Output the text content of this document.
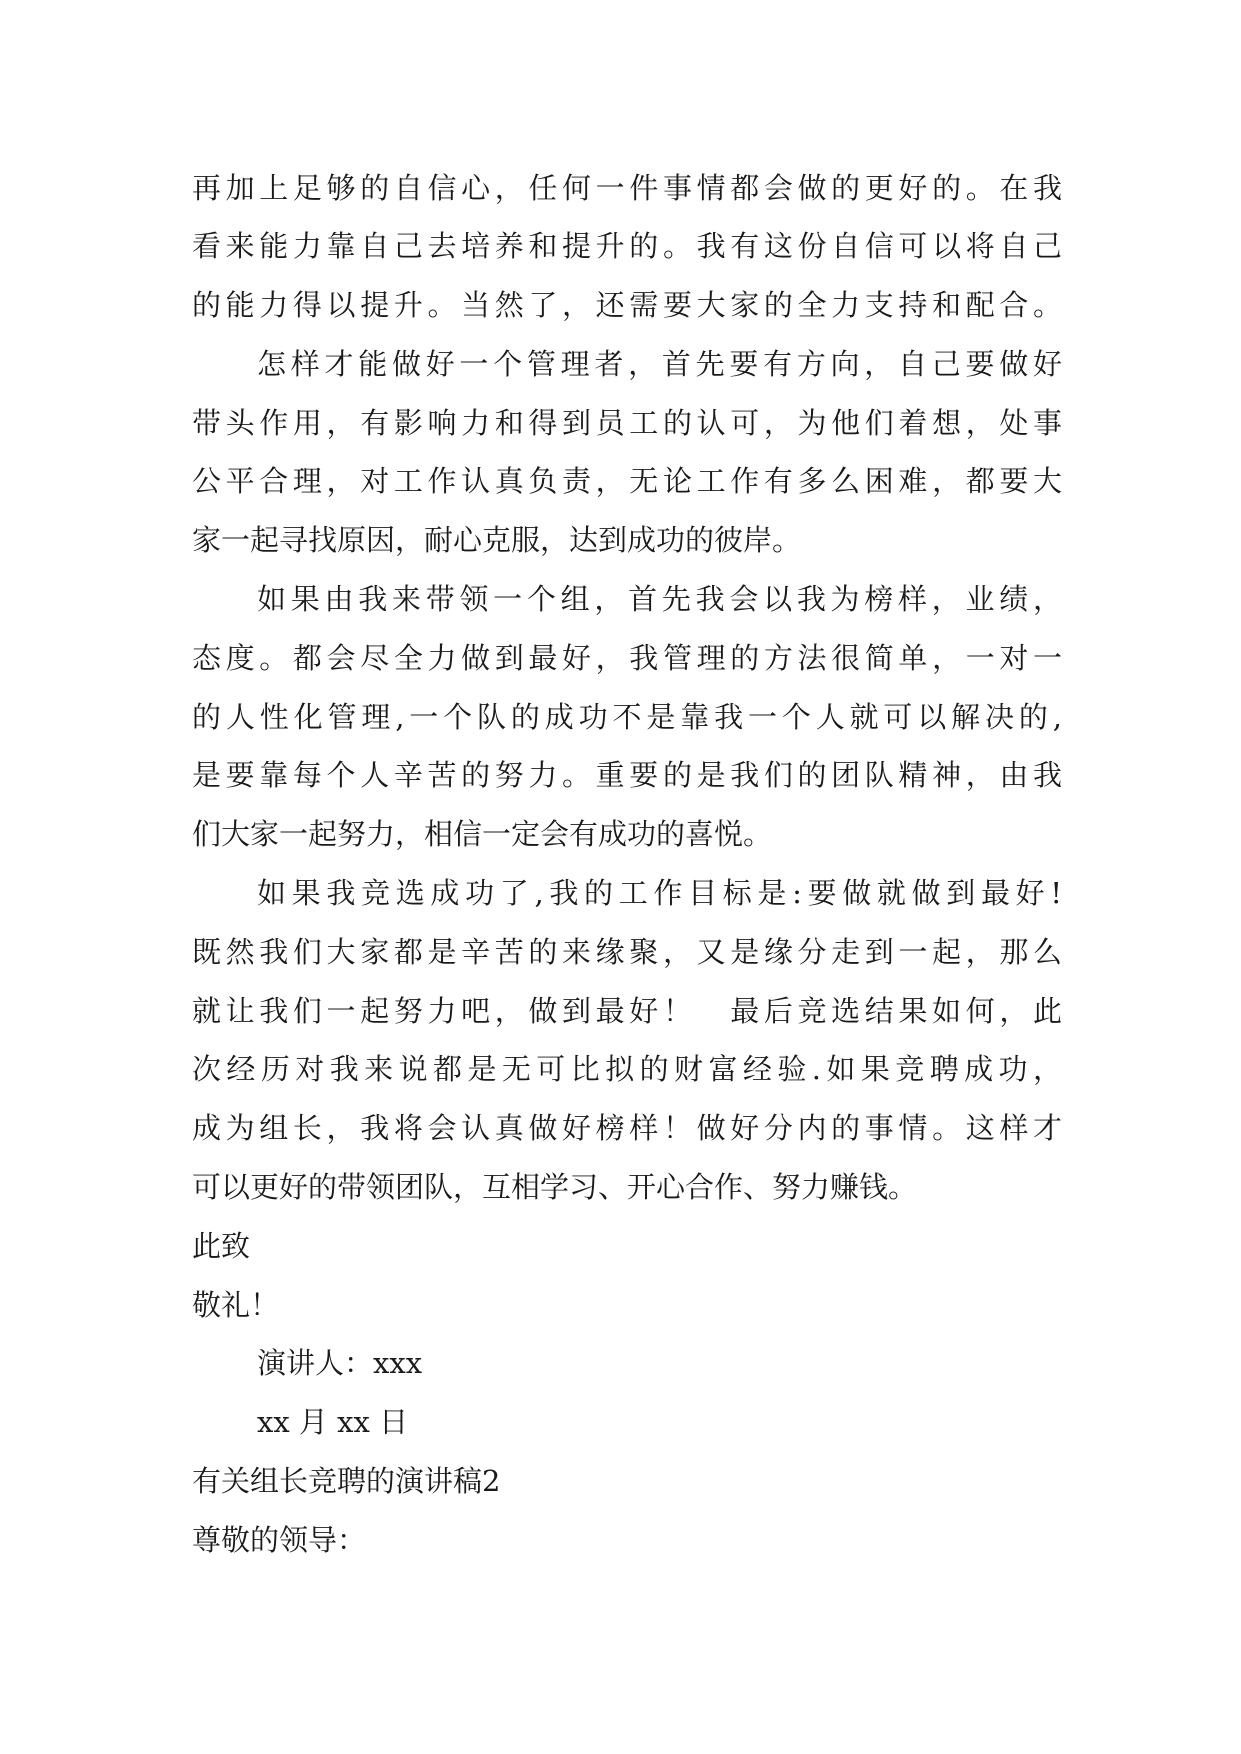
再加上足够的自信心，任何一件事情都会做的更好的。在我
看来能力靠自己去培养和提升的。我有这份自信可以将自己
的能力得以提升。当然了，还需要大家的全力支持和配合。
怎样才能做好一个管理者，首先要有方向，自己要做好
带头作用，有影响力和得到员工的认可，为他们着想，处事
公平合理，对工作认真负责，无论工作有多么困难，都要大
家一起寻找原因，耐心克服，达到成功的彼岸。
如果由我来带领一个组，首先我会以我为榜样，业绩，
态度。都会尽全力做到最好，我管理的方法很简单，一对一
的人性化管理,一个队的成功不是靠我一个人就可以解决的,
是要靠每个人辛苦的努力。重要的是我们的团队精神，由我
们大家一起努力，相信一定会有成功的喜悦。
如果我竞选成功了,我的工作目标是:要做就做到最好!
既然我们大家都是辛苦的来缘聚，又是缘分走到一起，那么
就让我们一起努力吧，做到最好！　最后竞选结果如何，此
次经历对我来说都是无可比拟的财富经验.如果竞聘成功，
成为组长，我将会认真做好榜样！做好分内的事情。这样才
可以更好的带领团队，互相学习、开心合作、努力赚钱。
此致
敬礼！
演讲人：xxx
xx 月 xx 日
有关组长竞聘的演讲稿2
尊敬的领导：
